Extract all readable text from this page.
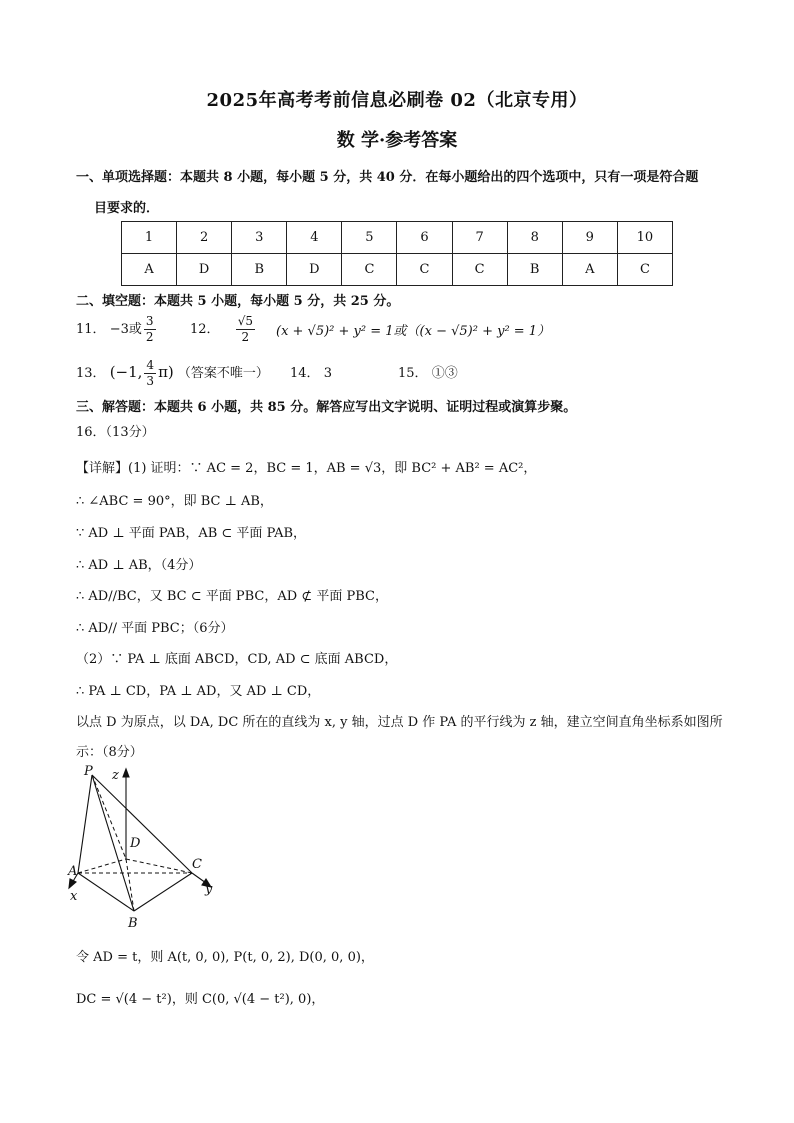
2025年高考考前信息必刷卷 02（北京专用）
数 学·参考答案
一、单项选择题：本题共 8 小题，每小题 5 分，共 40 分．在每小题给出的四个选项中，只有一项是符合题
目要求的．
1	2	3	4	5	6	7	8	9	10
A	D	B	D	C	C	C	B	A	C
二、填空题：本题共 5 小题，每小题 5 分，共 25 分。
11． −3或 $\frac{3}{2}$	12． $\frac{√5}{2} (x + √5)^2 + y^2 = 1$或（(x − √5)² + y² = 1）
13． (−1, $\frac{4}{3} \pi$) （答案不唯一） 14． 3	15． ①③
三、解答题：本题共 6 小题，共 85 分。解答应写出文字说明、证明过程或演算步聚。
16．（13分）
【详解】(1) 证明：∵ AC = 2，BC = 1，AB = √3，即 BC² + AB² = AC²，
∴ ∠ABC = 90°，即 BC ⊥ AB，
∵ AD ⊥ 平面 PAB，AB ⊂ 平面 PAB，
∴ AD ⊥ AB，（4分）
∴ AD//BC，又 BC ⊂ 平面 PBC，AD ⊄ 平面 PBC，
∴ AD// 平面 PBC；（6分）
（2）∵ PA ⊥ 底面 ABCD，CD, AD ⊂ 底面 ABCD，
∴ PA ⊥ CD，PA ⊥ AD，又 AD ⊥ CD，
以点 D 为原点，以 DA, DC 所在的直线为 x, y 轴，过点 D 作 PA 的平行线为 z 轴，建立空间直角坐标系如图所
示：（8分）
P z
D
A	C
y
x
B
令 AD = t，则 A(t, 0, 0), P(t, 0, 2), D(0, 0, 0)，
DC = √(4 − t²)，则 C(0, √(4 − t²), 0)，
